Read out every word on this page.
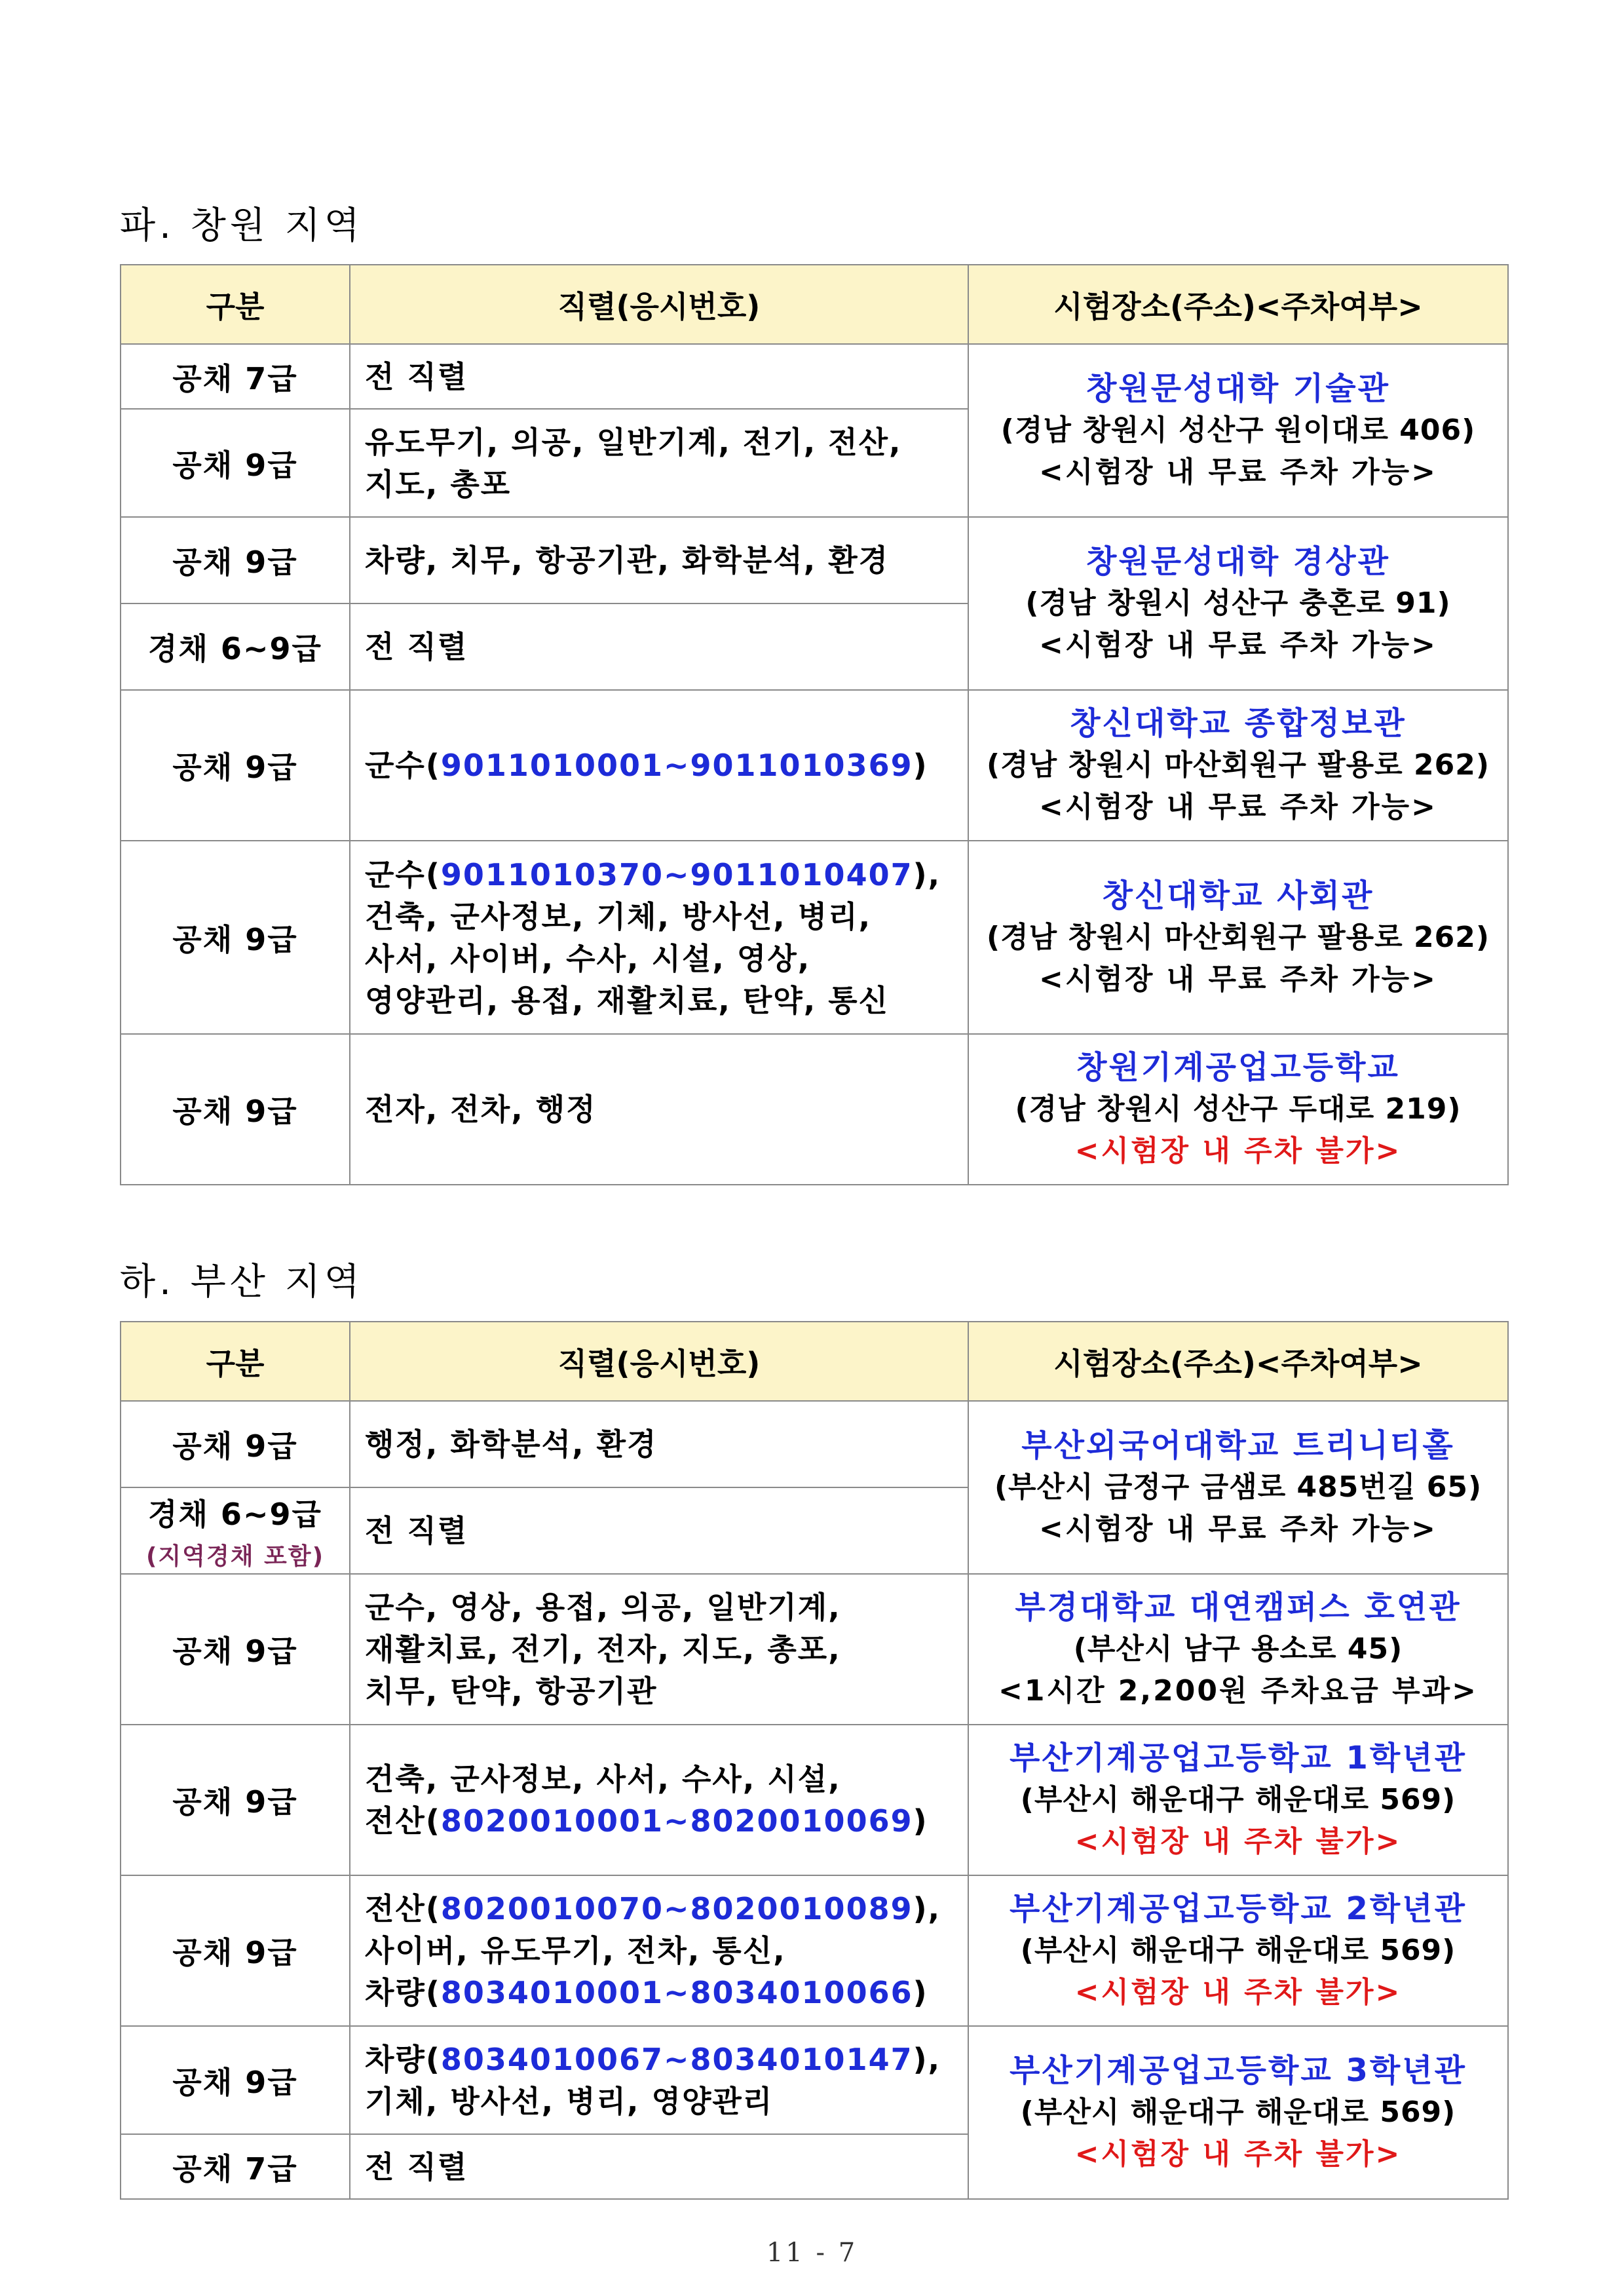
파. 창원 지역
구분	직렬(응시번호)	시험장소(주소)<주차여부>
공채 7급	전 직렬	창원문성대학 기술관
(경남 창원시 성산구 원이대로 406)
<시험장 내 무료 주차 가능>

공채 9급	유도무기, 의공, 일반기계, 전기, 전산,
지도, 총포	

공채 9급	차량, 치무, 항공기관, 화학분석, 환경	창원문성대학 경상관
(경남 창원시 성산구 충혼로 91)
<시험장 내 무료 주차 가능>

경채 6~9급	전 직렬	

공채 9급	군수(9011010001~9011010369)	창신대학교 종합정보관
(경남 창원시 마산회원구 팔용로 262)
<시험장 내 무료 주차 가능>

공채 9급	군수(9011010370~9011010407),
건축, 군사정보, 기체, 방사선, 병리,
사서, 사이버, 수사, 시설, 영상,
영양관리, 용접, 재활치료, 탄약, 통신	창신대학교 사회관
(경남 창원시 마산회원구 팔용로 262)
<시험장 내 무료 주차 가능>

공채 9급	전자, 전차, 행정	창원기계공업고등학교
(경남 창원시 성산구 두대로 219)
<시험장 내 주차 불가>
하. 부산 지역
구분	직렬(응시번호)	시험장소(주소)<주차여부>
공채 9급	행정, 화학분석, 환경	부산외국어대학교 트리니티홀
(부산시 금정구 금샘로 485번길 65)
<시험장 내 무료 주차 가능>

경채 6~9급
(지역경채 포함)	전 직렬	

공채 9급	군수, 영상, 용접, 의공, 일반기계,
재활치료, 전기, 전자, 지도, 총포,
치무, 탄약, 항공기관	부경대학교 대연캠퍼스 호연관
(부산시 남구 용소로 45)
<1시간 2,200원 주차요금 부과>

공채 9급	건축, 군사정보, 사서, 수사, 시설,
전산(8020010001~8020010069)	부산기계공업고등학교 1학년관
(부산시 해운대구 해운대로 569)
<시험장 내 주차 불가>

공채 9급	전산(8020010070~8020010089),
사이버, 유도무기, 전차, 통신,
차량(8034010001~8034010066)	부산기계공업고등학교 2학년관
(부산시 해운대구 해운대로 569)
<시험장 내 주차 불가>

공채 9급	차량(8034010067~8034010147),
기체, 방사선, 병리, 영양관리	부산기계공업고등학교 3학년관
(부산시 해운대구 해운대로 569)
<시험장 내 주차 불가>

공채 7급	전 직렬	
11 - 7
